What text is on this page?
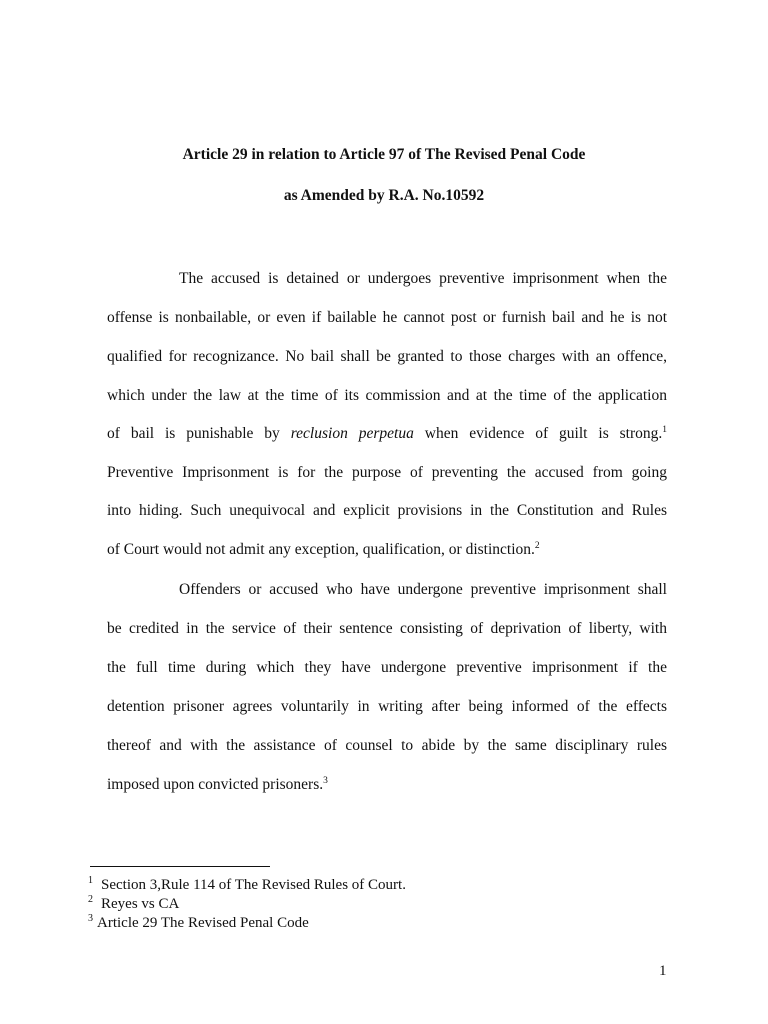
Article 29 in relation to Article 97 of The Revised Penal Code

as Amended by R.A. No.10592

The accused is detained or undergoes preventive imprisonment when the

offense is nonbailable, or even if bailable he cannot post or furnish bail and he is not

qualified for recognizance. No bail shall be granted to those charges with an offence,

which under the law at the time of its commission and at the time of the application

of bail is punishable by reclusion perpetua when evidence of guilt is strong.$^1$

Preventive Imprisonment is for the purpose of preventing the accused from going

into hiding. Such unequivocal and explicit provisions in the Constitution and Rules

of Court would not admit any exception, qualification, or distinction.$^2$

Offenders or accused who have undergone preventive imprisonment shall

be credited in the service of their sentence consisting of deprivation of liberty, with

the full time during which they have undergone preventive imprisonment if the

detention prisoner agrees voluntarily in writing after being informed of the effects

thereof and with the assistance of counsel to abide by the same disciplinary rules

imposed upon convicted prisoners.$^3$

1 Section 3,Rule 114 of The Revised Rules of Court.
2 Reyes vs CA
3 Article 29 The Revised Penal Code
1
